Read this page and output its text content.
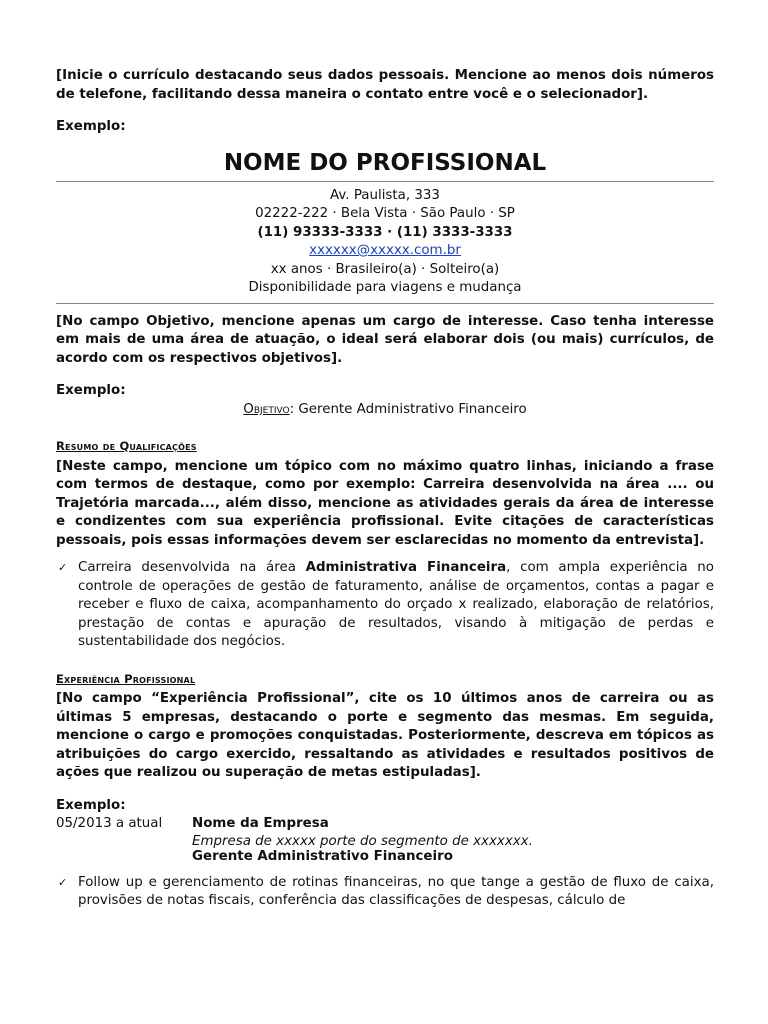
[Inicie o currículo destacando seus dados pessoais. Mencione ao menos dois números de telefone, facilitando dessa maneira o contato entre você e o selecionador].
Exemplo:
NOME DO PROFISSIONAL
Av. Paulista, 333
02222-222 · Bela Vista · São Paulo · SP
(11) 93333-3333 · (11) 3333-3333
xxxxxx@xxxxx.com.br
xx anos · Brasileiro(a) · Solteiro(a)
Disponibilidade para viagens e mudança
[No campo Objetivo, mencione apenas um cargo de interesse. Caso tenha interesse em mais de uma área de atuação, o ideal será elaborar dois (ou mais) currículos, de acordo com os respectivos objetivos].
Exemplo:
Objetivo: Gerente Administrativo Financeiro
Resumo de Qualificações
[Neste campo, mencione um tópico com no máximo quatro linhas, iniciando a frase com termos de destaque, como por exemplo: Carreira desenvolvida na área .... ou Trajetória marcada..., além disso, mencione as atividades gerais da área de interesse e condizentes com sua experiência profissional. Evite citações de características pessoais, pois essas informações devem ser esclarecidas no momento da entrevista].
✓ Carreira desenvolvida na área Administrativa Financeira, com ampla experiência no controle de operações de gestão de faturamento, análise de orçamentos, contas a pagar e receber e fluxo de caixa, acompanhamento do orçado x realizado, elaboração de relatórios, prestação de contas e apuração de resultados, visando à mitigação de perdas e sustentabilidade dos negócios.
Experiência Profissional
[No campo “Experiência Profissional”, cite os 10 últimos anos de carreira ou as últimas 5 empresas, destacando o porte e segmento das mesmas. Em seguida, mencione o cargo e promoções conquistadas. Posteriormente, descreva em tópicos as atribuições do cargo exercido, ressaltando as atividades e resultados positivos de ações que realizou ou superação de metas estipuladas].
Exemplo:
05/2013 a atual	Nome da Empresa
Empresa de xxxxx porte do segmento de xxxxxxx.
Gerente Administrativo Financeiro
✓ Follow up e gerenciamento de rotinas financeiras, no que tange a gestão de fluxo de caixa, provisões de notas fiscais, conferência das classificações de despesas, cálculo de
